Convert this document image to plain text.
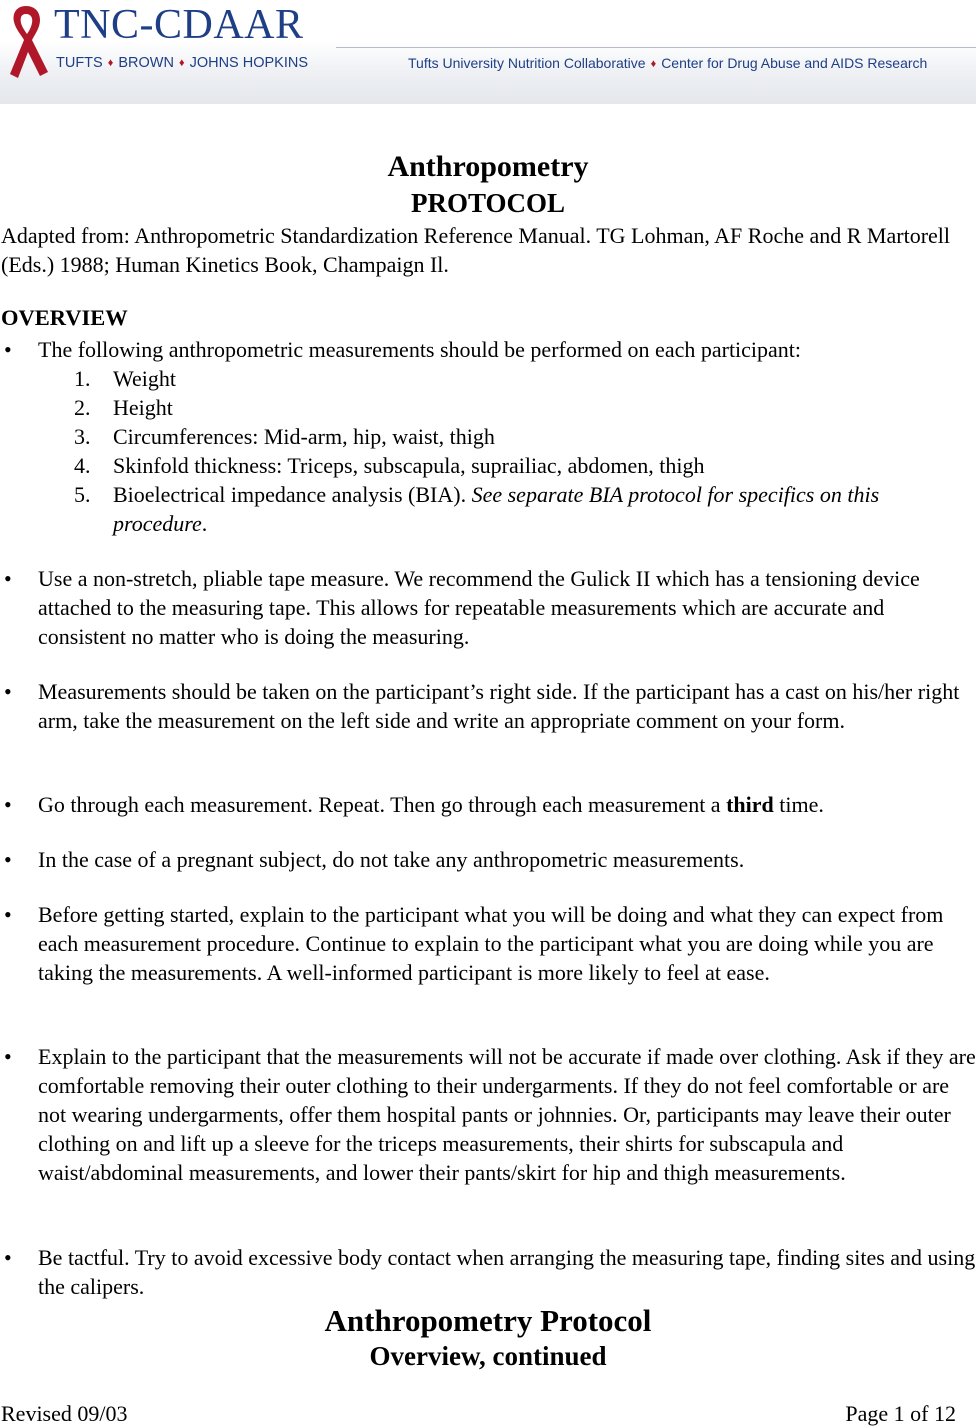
TNC-CDAAR
TUFTS ♦ BROWN ♦ JOHNS HOPKINS	Tufts University Nutrition Collaborative ♦ Center for Drug Abuse and AIDS Research
Anthropometry
PROTOCOL
Adapted from: Anthropometric Standardization Reference Manual. TG Lohman, AF Roche and R Martorell (Eds.) 1988; Human Kinetics Book, Champaign Il.
OVERVIEW
• The following anthropometric measurements should be performed on each participant:
1. Weight
2. Height
3. Circumferences: Mid-arm, hip, waist, thigh
4. Skinfold thickness: Triceps, subscapula, suprailiac, abdomen, thigh
5. Bioelectrical impedance analysis (BIA). See separate BIA protocol for specifics on this procedure.
• Use a non-stretch, pliable tape measure. We recommend the Gulick II which has a tensioning device attached to the measuring tape. This allows for repeatable measurements which are accurate and consistent no matter who is doing the measuring.
• Measurements should be taken on the participant’s right side. If the participant has a cast on his/her right arm, take the measurement on the left side and write an appropriate comment on your form.
• Go through each measurement. Repeat. Then go through each measurement a third time.
• In the case of a pregnant subject, do not take any anthropometric measurements.
• Before getting started, explain to the participant what you will be doing and what they can expect from each measurement procedure. Continue to explain to the participant what you are doing while you are taking the measurements. A well-informed participant is more likely to feel at ease.
• Explain to the participant that the measurements will not be accurate if made over clothing. Ask if they are comfortable removing their outer clothing to their undergarments. If they do not feel comfortable or are not wearing undergarments, offer them hospital pants or johnnies. Or, participants may leave their outer clothing on and lift up a sleeve for the triceps measurements, their shirts for subscapula and waist/abdominal measurements, and lower their pants/skirt for hip and thigh measurements.
• Be tactful. Try to avoid excessive body contact when arranging the measuring tape, finding sites and using the calipers.
Anthropometry Protocol
Overview, continued
Revised 09/03	Page 1 of 12
